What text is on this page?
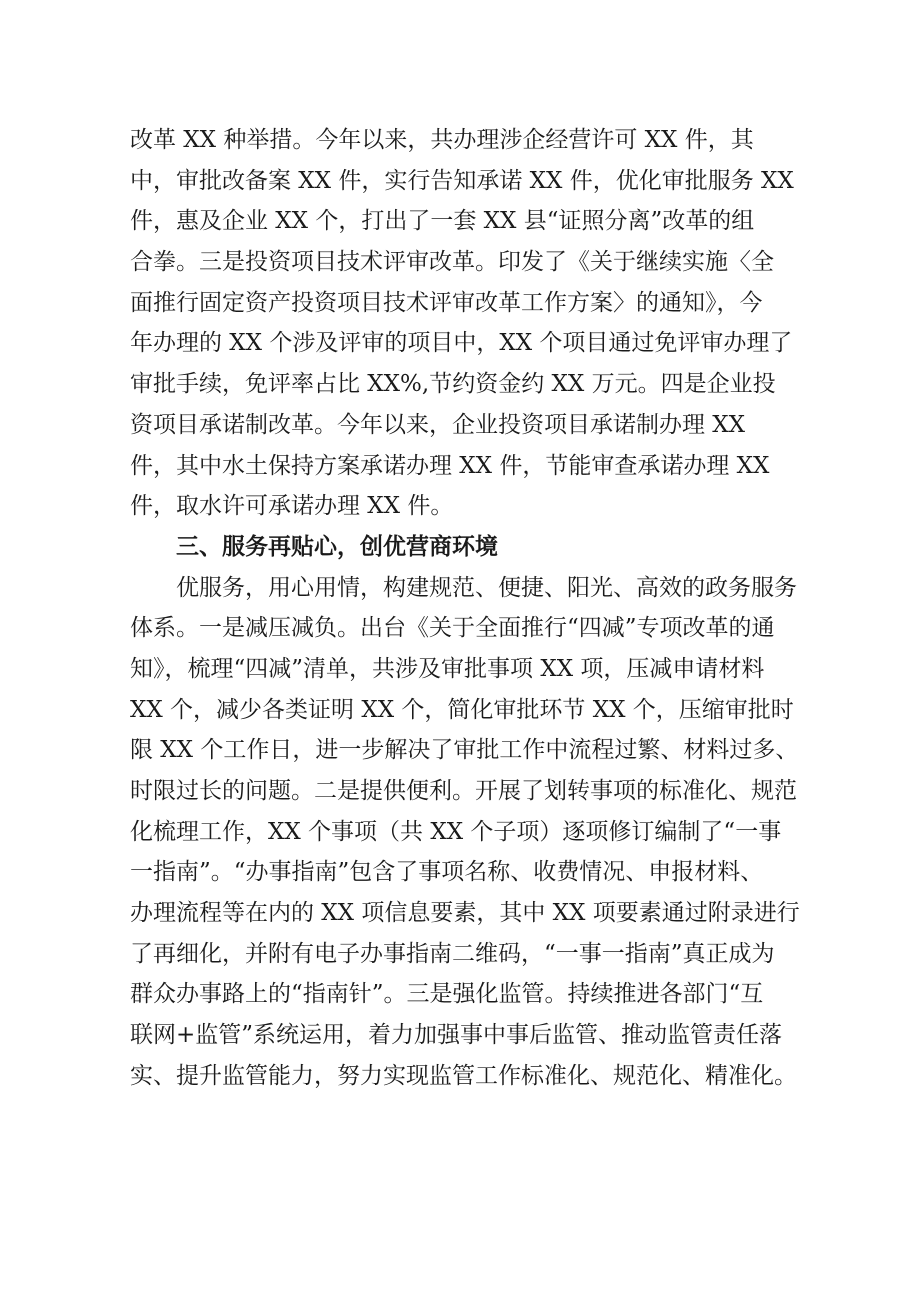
改革 XX 种举措。今年以来，共办理涉企经营许可 XX 件，其
中，审批改备案 XX 件，实行告知承诺 XX 件，优化审批服务 XX
件，惠及企业 XX 个，打出了一套 XX 县“证照分离”改革的组
合拳。三是投资项目技术评审改革。印发了《关于继续实施〈全
面推行固定资产投资项目技术评审改革工作方案〉的通知》，今
年办理的 XX 个涉及评审的项目中，XX 个项目通过免评审办理了
审批手续，免评率占比 XX%,节约资金约 XX 万元。四是企业投
资项目承诺制改革。今年以来，企业投资项目承诺制办理 XX
件，其中水土保持方案承诺办理 XX 件，节能审查承诺办理 XX
件，取水许可承诺办理 XX 件。
三、服务再贴心，创优营商环境
优服务，用心用情，构建规范、便捷、阳光、高效的政务服务
体系。一是减压减负。出台《关于全面推行“四减”专项改革的通
知》，梳理“四减”清单，共涉及审批事项 XX 项，压减申请材料
XX 个，减少各类证明 XX 个，简化审批环节 XX 个，压缩审批时
限 XX 个工作日，进一步解决了审批工作中流程过繁、材料过多、
时限过长的问题。二是提供便利。开展了划转事项的标准化、规范
化梳理工作，XX 个事项（共 XX 个子项）逐项修订编制了“一事
一指南”。“办事指南”包含了事项名称、收费情况、申报材料、
办理流程等在内的 XX 项信息要素，其中 XX 项要素通过附录进行
了再细化，并附有电子办事指南二维码，“一事一指南”真正成为
群众办事路上的“指南针”。三是强化监管。持续推进各部门“互
联网+监管”系统运用，着力加强事中事后监管、推动监管责任落
实、提升监管能力，努力实现监管工作标准化、规范化、精准化。
